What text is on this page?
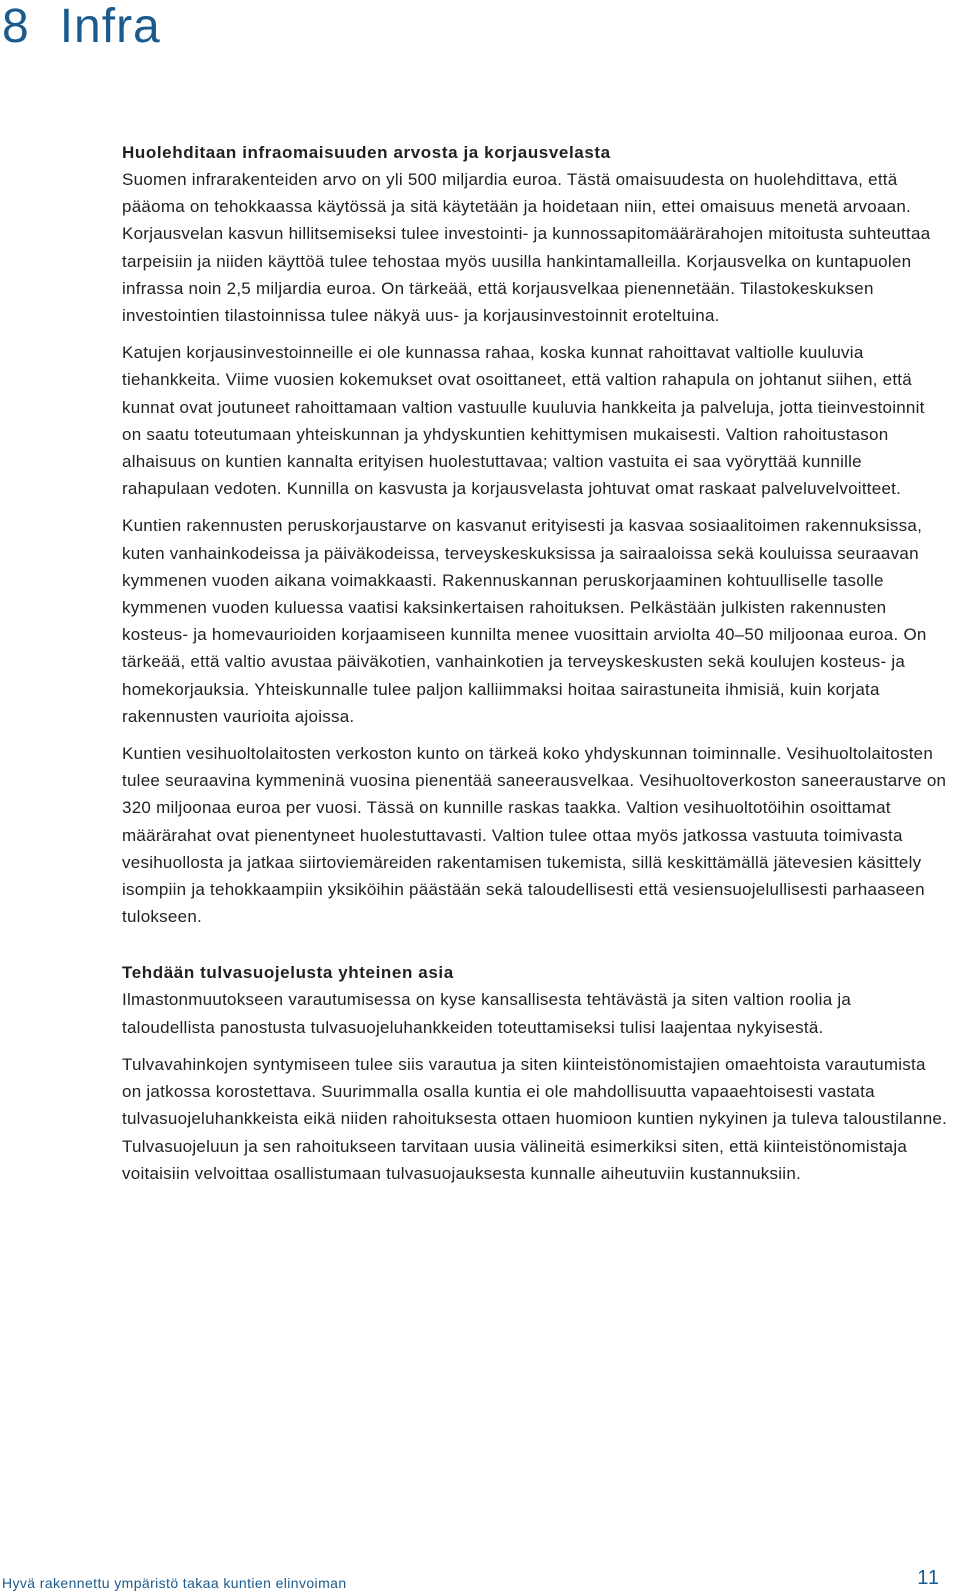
8 Infra
Huolehditaan infraomaisuuden arvosta ja korjausvelasta

Suomen infrarakenteiden arvo on yli 500 miljardia euroa. Tästä omaisuudesta on huolehdittava, että pääoma on tehokkaassa käytössä ja sitä käytetään ja hoidetaan niin, ettei omaisuus menetä arvoaan. Korjausvelan kasvun hillitsemiseksi tulee investointi- ja kunnossapitomäärärahojen mitoitusta suhteuttaa tarpeisiin ja niiden käyttöä tulee tehostaa myös uusilla hankintamalleilla. Korjausvelka on kuntapuolen infrassa noin 2,5 miljardia euroa. On tärkeää, että korjausvelkaa pienennetään. Tilastokeskuksen investointien tilastoinnissa tulee näkyä uus- ja korjausinvestoinnit eroteltuina.

Katujen korjausinvestoinneille ei ole kunnassa rahaa, koska kunnat rahoittavat valtiolle kuuluvia tiehankkeita. Viime vuosien kokemukset ovat osoittaneet, että valtion rahapula on johtanut siihen, että kunnat ovat joutuneet rahoittamaan valtion vastuulle kuuluvia hankkeita ja palveluja, jotta tieinvestoinnit on saatu toteutumaan yhteiskunnan ja yhdyskuntien kehittymisen mukaisesti. Valtion rahoitustason alhaisuus on kuntien kannalta erityisen huolestuttavaa; valtion vastuita ei saa vyöryttää kunnille rahapulaan vedoten. Kunnilla on kasvusta ja korjausvelasta johtuvat omat raskaat palveluvelvoitteet.

Kuntien rakennusten peruskorjaustarve on kasvanut erityisesti ja kasvaa sosiaalitoimen rakennuksissa, kuten vanhainkodeissa ja päiväkodeissa, terveyskeskuksissa ja sairaaloissa sekä kouluissa seuraavan kymmenen vuoden aikana voimakkaasti. Rakennuskannan peruskorjaaminen kohtuulliselle tasolle kymmenen vuoden kuluessa vaatisi kaksinkertaisen rahoituksen. Pelkästään julkisten rakennusten kosteus- ja homevaurioiden korjaamiseen kunnilta menee vuosittain arviolta 40–50 miljoonaa euroa. On tärkeää, että valtio avustaa päiväkotien, vanhainkotien ja terveyskeskusten sekä koulujen kosteus- ja homekorjauksia. Yhteiskunnalle tulee paljon kalliimmaksi hoitaa sairastuneita ihmisiä, kuin korjata rakennusten vaurioita ajoissa.

Kuntien vesihuoltolaitosten verkoston kunto on tärkeä koko yhdyskunnan toiminnalle. Vesihuoltolaitosten tulee seuraavina kymmeninä vuosina pienentää saneerausvelkaa. Vesihuoltoverkoston saneeraustarve on 320 miljoonaa euroa per vuosi. Tässä on kunnille raskas taakka. Valtion vesihuoltotöihin osoittamat määrärahat ovat pienentyneet huolestuttavasti. Valtion tulee ottaa myös jatkossa vastuuta toimivasta vesihuollosta ja jatkaa siirtoviemäreiden rakentamisen tukemista, sillä keskittämällä jätevesien käsittely isompiin ja tehokkaampiin yksiköihin päästään sekä taloudellisesti että vesiensuojelullisesti parhaaseen tulokseen.

Tehdään tulvasuojelusta yhteinen asia

Ilmastonmuutokseen varautumisessa on kyse kansallisesta tehtävästä ja siten valtion roolia ja taloudellista panostusta tulvasuojeluhankkeiden toteuttamiseksi tulisi laajentaa nykyisestä.

Tulvavahinkojen syntymiseen tulee siis varautua ja siten kiinteistönomistajien omaehtoista varautumista on jatkossa korostettava. Suurimmalla osalla kuntia ei ole mahdollisuutta vapaaehtoisesti vastata tulvasuojeluhankkeista eikä niiden rahoituksesta ottaen huomioon kuntien nykyinen ja tuleva taloustilanne. Tulvasuojeluun ja sen rahoitukseen tarvitaan uusia välineitä esimerkiksi siten, että kiinteistönomistaja voitaisiin velvoittaa osallistumaan tulvasuojauksesta kunnalle aiheutuviin kustannuksiin.

Hyvä rakennettu ympäristö takaa kuntien elinvoiman	11
